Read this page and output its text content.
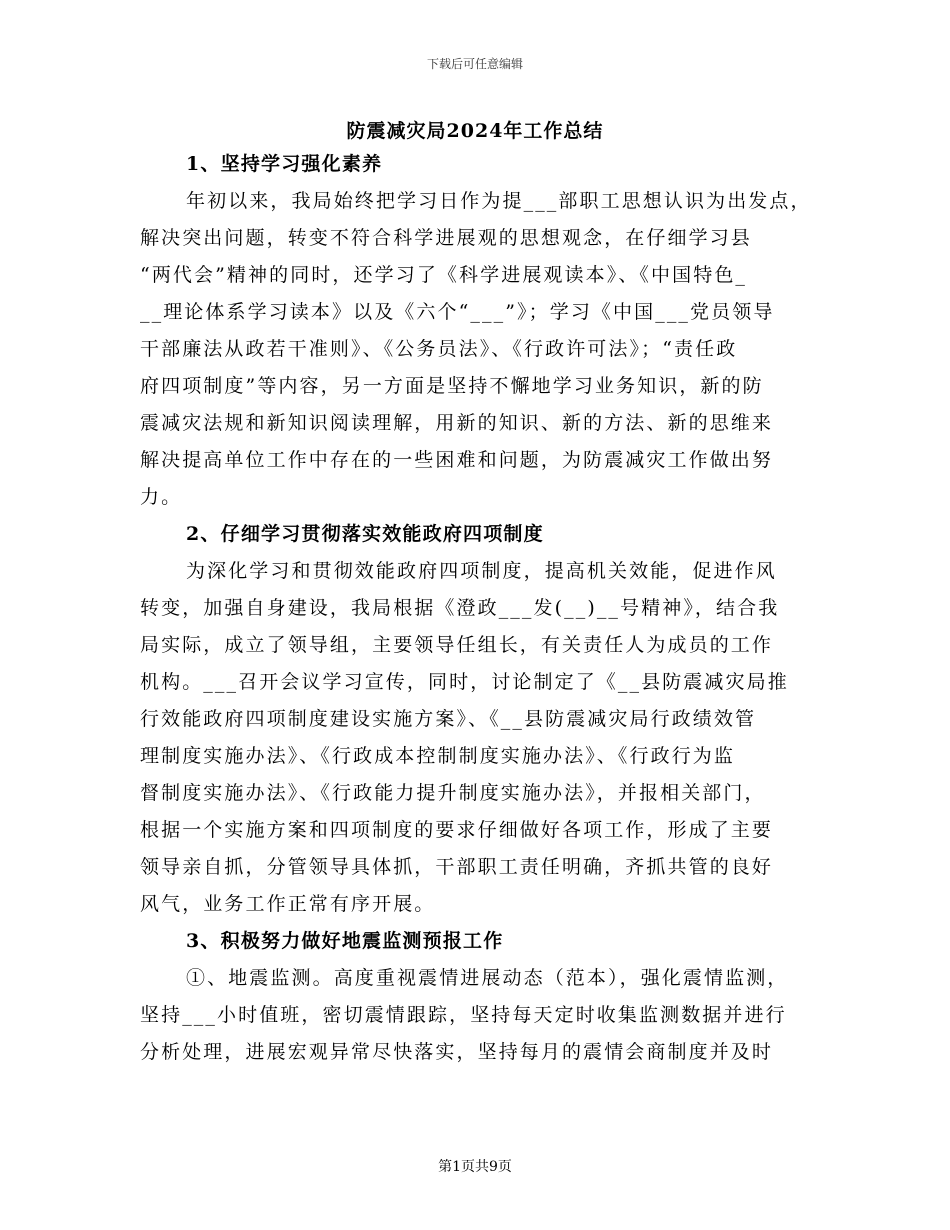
下载后可任意编辑
防震减灾局2024年工作总结
1、坚持学习强化素养
年初以来，我局始终把学习日作为提___部职工思想认识为出发点，
解决突出问题，转变不符合科学进展观的思想观念，在仔细学习县
“两代会”精神的同时，还学习了《科学进展观读本》、《中国特色_
__理论体系学习读本》以及《六个“___”》；学习《中国___党员领导
干部廉法从政若干准则》、《公务员法》、《行政许可法》；“责任政
府四项制度”等内容，另一方面是坚持不懈地学习业务知识，新的防
震减灾法规和新知识阅读理解，用新的知识、新的方法、新的思维来
解决提高单位工作中存在的一些困难和问题，为防震减灾工作做出努
力。
2、仔细学习贯彻落实效能政府四项制度
为深化学习和贯彻效能政府四项制度，提高机关效能，促进作风
转变，加强自身建设，我局根据《澄政___发(__)__号精神》，结合我
局实际，成立了领导组，主要领导任组长，有关责任人为成员的工作
机构。___召开会议学习宣传，同时，讨论制定了《__县防震减灾局推
行效能政府四项制度建设实施方案》、《__县防震减灾局行政绩效管
理制度实施办法》、《行政成本控制制度实施办法》、《行政行为监
督制度实施办法》、《行政能力提升制度实施办法》，并报相关部门，
根据一个实施方案和四项制度的要求仔细做好各项工作，形成了主要
领导亲自抓，分管领导具体抓，干部职工责任明确，齐抓共管的良好
风气，业务工作正常有序开展。
3、积极努力做好地震监测预报工作
①、地震监测。高度重视震情进展动态（范本），强化震情监测，
坚持___小时值班，密切震情跟踪，坚持每天定时收集监测数据并进行
分析处理，进展宏观异常尽快落实，坚持每月的震情会商制度并及时
第1页共9页
